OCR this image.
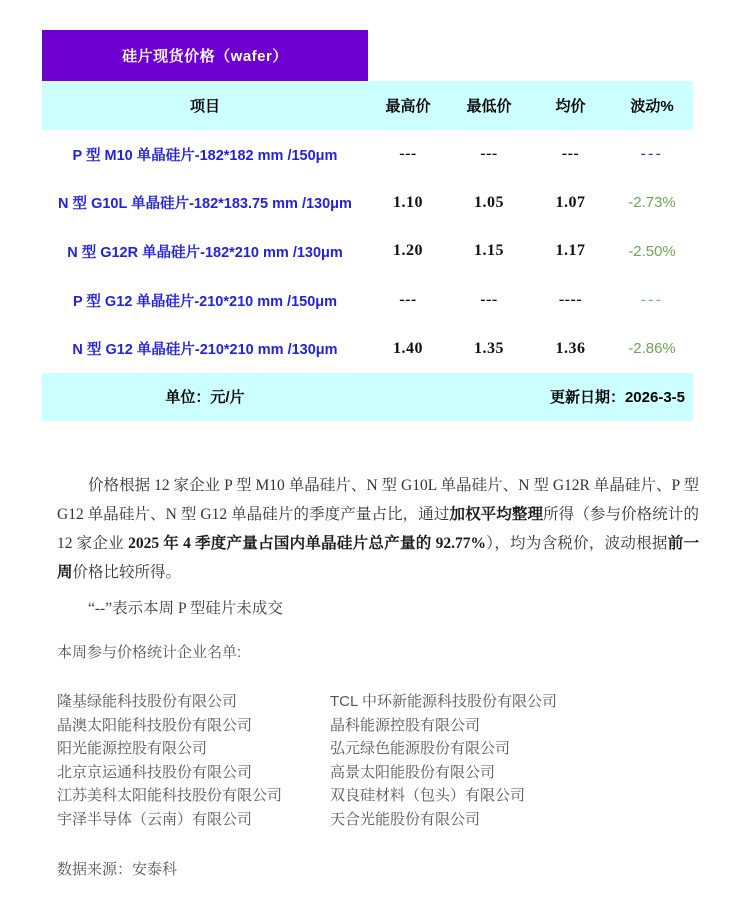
硅片现货价格（wafer）
项目	最高价	最低价	均价	波动%
P 型 M10 单晶硅片-182*182 mm /150μm	---	---	---	---
N 型 G10L 单晶硅片-182*183.75 mm /130μm	1.10	1.05	1.07	-2.73%
N 型 G12R 单晶硅片-182*210 mm /130μm	1.20	1.15	1.17	-2.50%
P 型 G12 单晶硅片-210*210 mm /150μm	---	---	----	---
N 型 G12 单晶硅片-210*210 mm /130μm	1.40	1.35	1.36	-2.86%
单位：元/片	更新日期：2026-3-5
价格根据 12 家企业 P 型 M10 单晶硅片、N 型 G10L 单晶硅片、N 型 G12R 单晶硅片、P 型 G12 单晶硅片、N 型 G12 单晶硅片的季度产量占比，通过加权平均整理所得（参与价格统计的 12 家企业 2025 年 4 季度产量占国内单晶硅片总产量的 92.77%），均为含税价，波动根据前一周价格比较所得。
“--”表示本周 P 型硅片未成交
本周参与价格统计企业名单:
隆基绿能科技股份有限公司
晶澳太阳能科技股份有限公司
阳光能源控股有限公司
北京京运通科技股份有限公司
江苏美科太阳能科技股份有限公司
宇泽半导体（云南）有限公司
TCL 中环新能源科技股份有限公司
晶科能源控股有限公司
弘元绿色能源股份有限公司
高景太阳能股份有限公司
双良硅材料（包头）有限公司
天合光能股份有限公司
数据来源：安泰科
